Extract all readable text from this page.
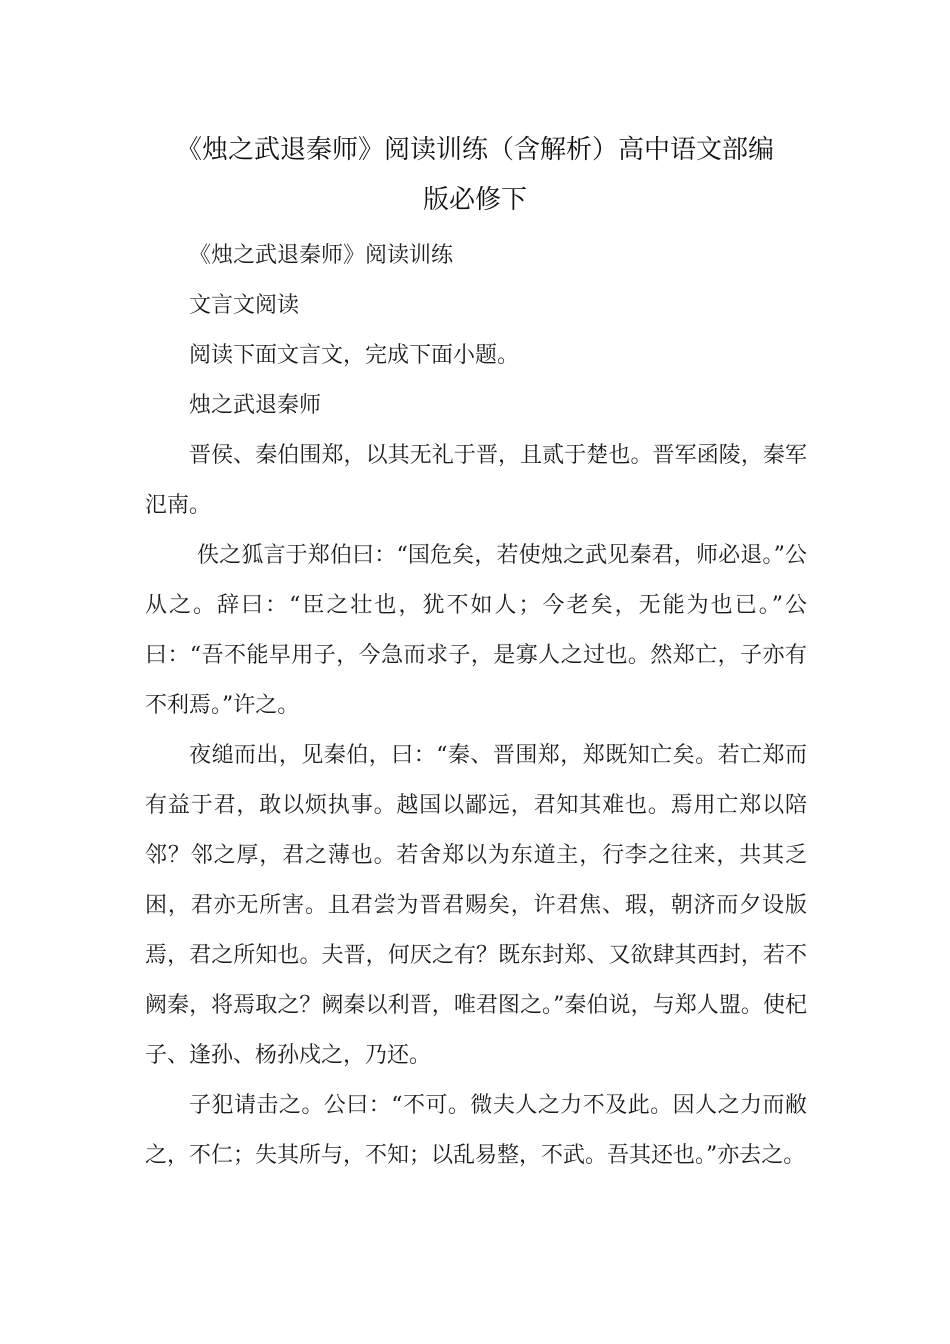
《烛之武退秦师》阅读训练（含解析）高中语文部编
版必修下

《烛之武退秦师》阅读训练

文言文阅读

阅读下面文言文，完成下面小题。

烛之武退秦师

晋侯、秦伯围郑，以其无礼于晋，且贰于楚也。晋军函陵，秦军氾南。

佚之狐言于郑伯曰：“国危矣，若使烛之武见秦君，师必退。”公从之。辞曰：“臣之壮也，犹不如人；今老矣，无能为也已。”公曰：“吾不能早用子，今急而求子，是寡人之过也。然郑亡，子亦有不利焉。”许之。

夜缒而出，见秦伯，曰：“秦、晋围郑，郑既知亡矣。若亡郑而有益于君，敢以烦执事。越国以鄙远，君知其难也。焉用亡郑以陪邻？邻之厚，君之薄也。若舍郑以为东道主，行李之往来，共其乏困，君亦无所害。且君尝为晋君赐矣，许君焦、瑕，朝济而夕设版焉，君之所知也。夫晋，何厌之有？既东封郑、又欲肆其西封，若不阙秦，将焉取之？阙秦以利晋，唯君图之。”秦伯说，与郑人盟。使杞子、逢孙、杨孙戍之，乃还。

子犯请击之。公曰：“不可。微夫人之力不及此。因人之力而敝之，不仁；失其所与，不知；以乱易整，不武。吾其还也。”亦去之。
